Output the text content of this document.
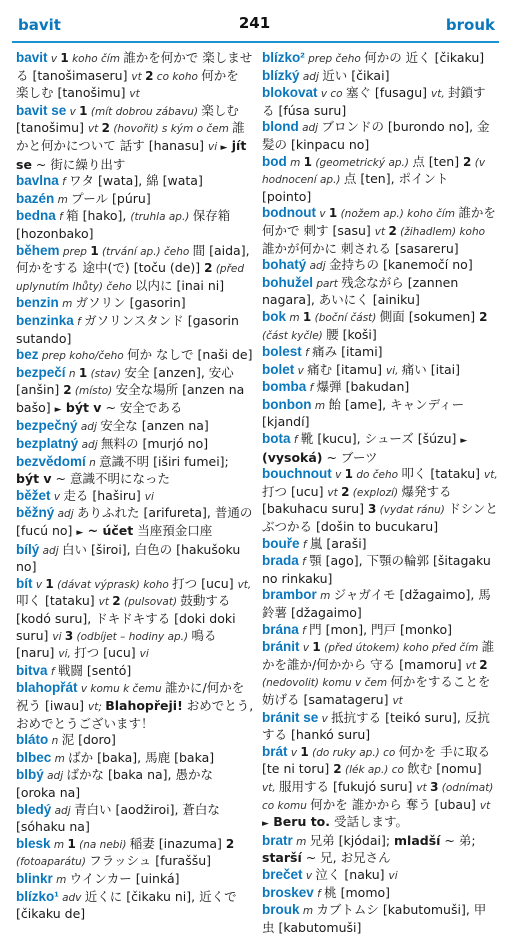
bavit	241	brouk

bavit v 1 koho čím 誰かを何かで 楽しませる [tanošimaseru] vt 2 co koho 何かを 楽しむ [tanošimu] vt

bavit se v 1 (mít dobrou zábavu) 楽しむ [tanošimu] vt 2 (hovořit) s kým o čem 誰かと何かについて 話す [hanasu] vi ► jít se ~ 街に繰り出す

bavlna f ワタ [wata], 綿 [wata]

bazén m プール [púru]

bedna f 箱 [hako], (truhla ap.) 保存箱 [hozonbako]

během prep 1 (trvání ap.) čeho 間 [aida], 何かをする 途中(で) [toču (de)] 2 (před uplynutím lhůty) čeho 以内に [inai ni]

benzin m ガソリン [gasorin]

benzinka f ガソリンスタンド [gasorin sutando]

bez prep koho/čeho 何か なしで [naši de]

bezpečí n 1 (stav) 安全 [anzen], 安心 [anšin] 2 (místo) 安全な場所 [anzen na bašo] ► být v ~ 安全である

bezpečný adj 安全な [anzen na]

bezplatný adj 無料の [murjó no]

bezvědomí n 意識不明 [iširi fumei]; být v ~ 意識不明になった

běžet v 走る [haširu] vi

běžný adj ありふれた [arifureta], 普通の [fucú no] ► ~ účet 当座預金口座

bílý adj 白い [široi], 白色の [hakušoku no]

bít v 1 (dávat výprask) koho 打つ [ucu] vt, 叩く [tataku] vt 2 (pulsovat) 鼓動する [kodó suru], ドキドキする [doki doki suru] vi 3 (odbíjet – hodiny ap.) 鳴る [naru] vi, 打つ [ucu] vi

bitva f 戦闘 [sentó]

blahopřát v komu k čemu 誰かに/何かを 祝う [iwau] vt; Blahopřeji! おめでとう, おめでとうございます！

bláto n 泥 [doro]

blbec m ばか [baka], 馬鹿 [baka]

blbý adj ばかな [baka na], 愚かな [oroka na]

bledý adj 青白い [aodžiroi], 蒼白な [sóhaku na]

blesk m 1 (na nebi) 稲妻 [inazuma] 2 (fotoaparátu) フラッシュ [furaššu]

blinkr m ウインカー [uinká]

blízko¹ adv 近くに [čikaku ni], 近くで [čikaku de]

blízko² prep čeho 何かの 近く [čikaku]

blízký adj 近い [čikai]

blokovat v co 塞ぐ [fusagu] vt, 封鎖する [fúsa suru]

blond adj ブロンドの [burondo no], 金髪の [kinpacu no]

bod m 1 (geometrický ap.) 点 [ten] 2 (v hodnocení ap.) 点 [ten], ポイント [pointo]

bodnout v 1 (nožem ap.) koho čím 誰かを何かで 刺す [sasu] vt 2 (žihadlem) koho 誰かが何かに 刺される [sasareru]

bohatý adj 金持ちの [kanemočí no]

bohužel part 残念ながら [zannen nagara], あいにく [ainiku]

bok m 1 (boční část) 側面 [sokumen] 2 (část kyčle) 腰 [koši]

bolest f 痛み [itami]

bolet v 痛む [itamu] vi, 痛い [itai]

bomba f 爆弾 [bakudan]

bonbon m 飴 [ame], キャンディー [kjandí]

bota f 靴 [kucu], シューズ [šúzu] ► (vysoká) ~ ブーツ

bouchnout v 1 do čeho 叩く [tataku] vt, 打つ [ucu] vt 2 (explozí) 爆発する [bakuhacu suru] 3 (vydat ránu) ドシンとぶつかる [došin to bucukaru]

bouře f 嵐 [araši]

brada f 顎 [ago], 下顎の輪郭 [šitagaku no rinkaku]

brambor m ジャガイモ [džagaimo], 馬鈴薯 [džagaimo]

brána f 門 [mon], 門戸 [monko]

bránit v 1 (před útokem) koho před čím 誰かを誰か/何かから 守る [mamoru] vt 2 (nedovolit) komu v čem 何かをすることを 妨げる [samatageru] vt

bránit se v 抵抗する [teikó suru], 反抗する [hankó suru]

brát v 1 (do ruky ap.) co 何かを 手に取る [te ni toru] 2 (lék ap.) co 飲む [nomu] vt, 服用する [fukujó suru] vt 3 (odnímat) co komu 何かを 誰かから 奪う [ubau] vt ► Beru to. 受話します。

bratr m 兄弟 [kjódai]; mladší ~ 弟; starší ~ 兄, お兄さん

brečet v 泣く [naku] vi

broskev f 桃 [momo]

brouk m カブトムシ [kabutomuši], 甲虫 [kabutomuši]
